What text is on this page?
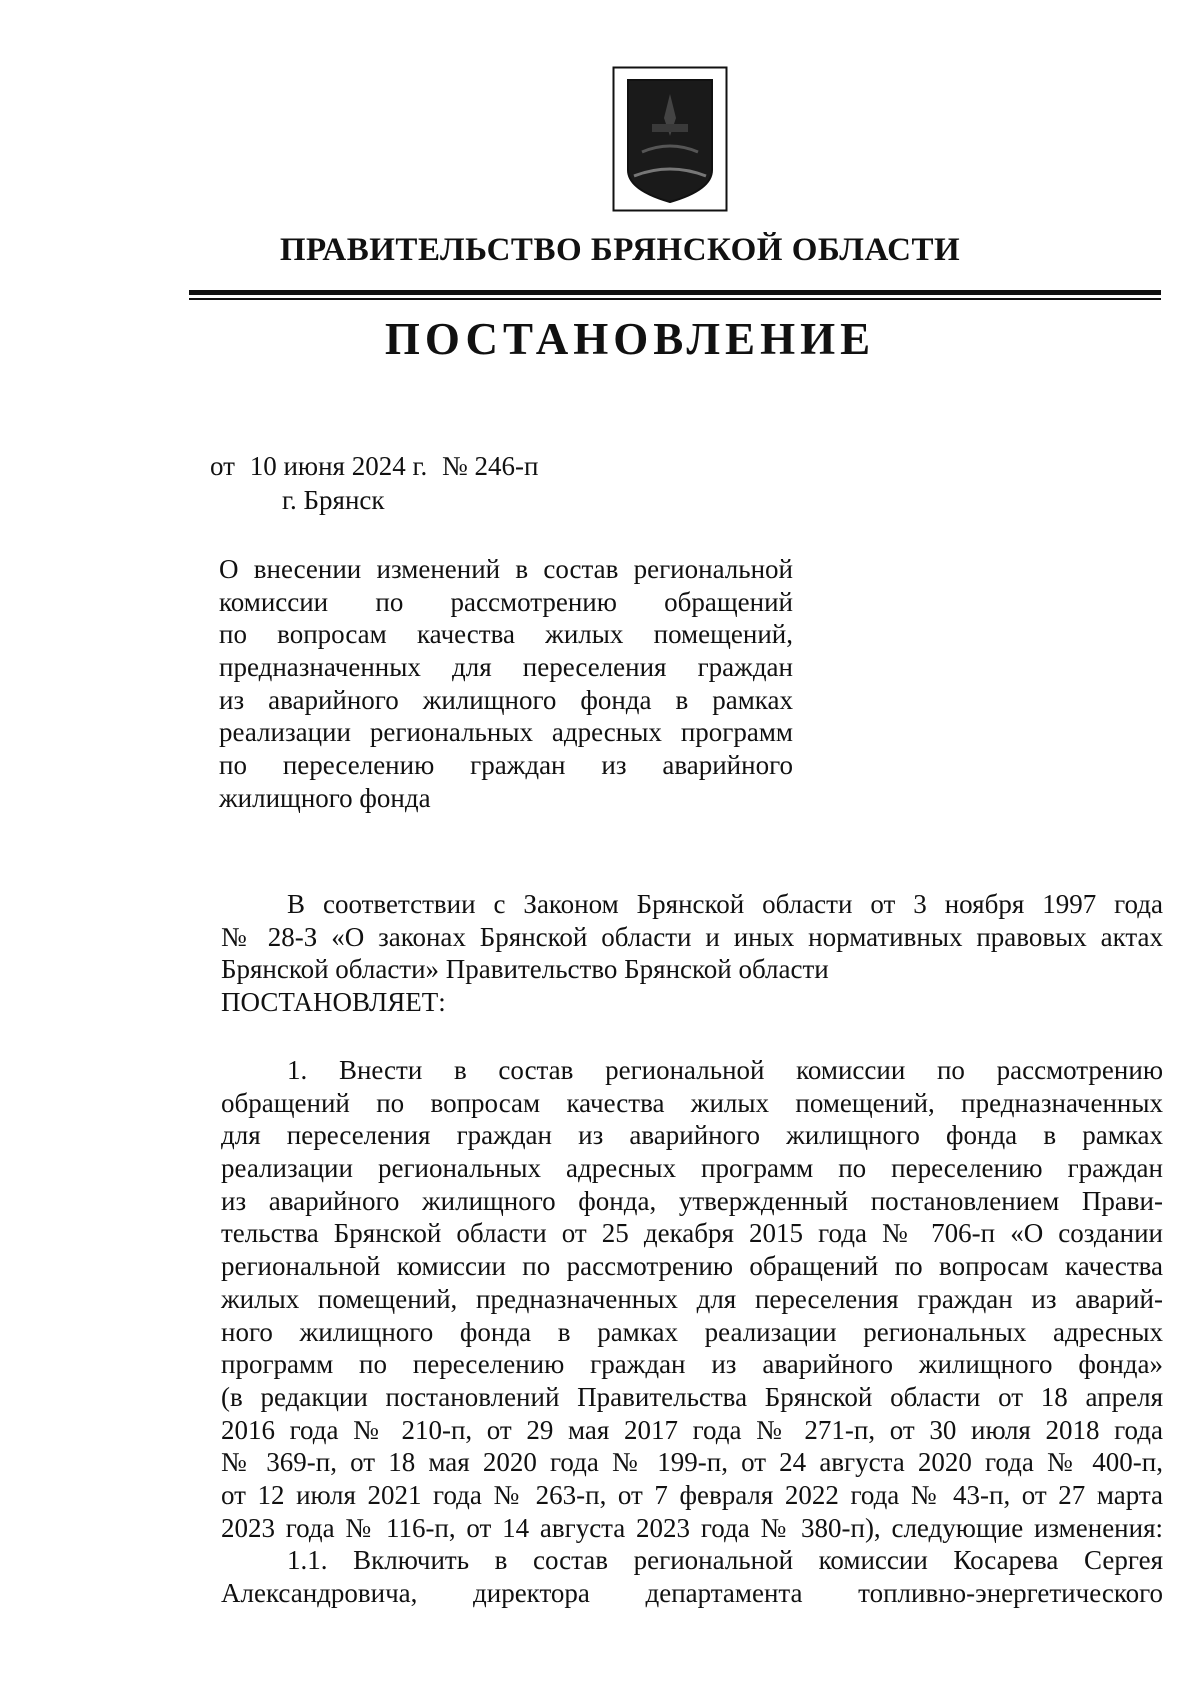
ПРАВИТЕЛЬСТВО БРЯНСКОЙ ОБЛАСТИ
ПОСТАНОВЛЕНИЕ
от 10 июня 2024 г. № 246-п
г. Брянск
О внесении изменений в состав региональной
комиссии по рассмотрению обращений
по вопросам качества жилых помещений,
предназначенных для переселения граждан
из аварийного жилищного фонда в рамках
реализации региональных адресных программ
по переселению граждан из аварийного
жилищного фонда
В соответствии с Законом Брянской области от 3 ноября 1997 года
№ 28-З «О законах Брянской области и иных нормативных правовых актах
Брянской области» Правительство Брянской области
ПОСТАНОВЛЯЕТ:
1. Внести в состав региональной комиссии по рассмотрению
обращений по вопросам качества жилых помещений, предназначенных
для переселения граждан из аварийного жилищного фонда в рамках
реализации региональных адресных программ по переселению граждан
из аварийного жилищного фонда, утвержденный постановлением Прави-
тельства Брянской области от 25 декабря 2015 года № 706-п «О создании
региональной комиссии по рассмотрению обращений по вопросам качества
жилых помещений, предназначенных для переселения граждан из аварий-
ного жилищного фонда в рамках реализации региональных адресных
программ по переселению граждан из аварийного жилищного фонда»
(в редакции постановлений Правительства Брянской области от 18 апреля
2016 года № 210-п, от 29 мая 2017 года № 271-п, от 30 июля 2018 года
№ 369-п, от 18 мая 2020 года № 199-п, от 24 августа 2020 года № 400-п,
от 12 июля 2021 года № 263-п, от 7 февраля 2022 года № 43-п, от 27 марта
2023 года № 116-п, от 14 августа 2023 года № 380-п), следующие изменения:
1.1. Включить в состав региональной комиссии Косарева Сергея
Александровича, директора департамента топливно-энергетического
